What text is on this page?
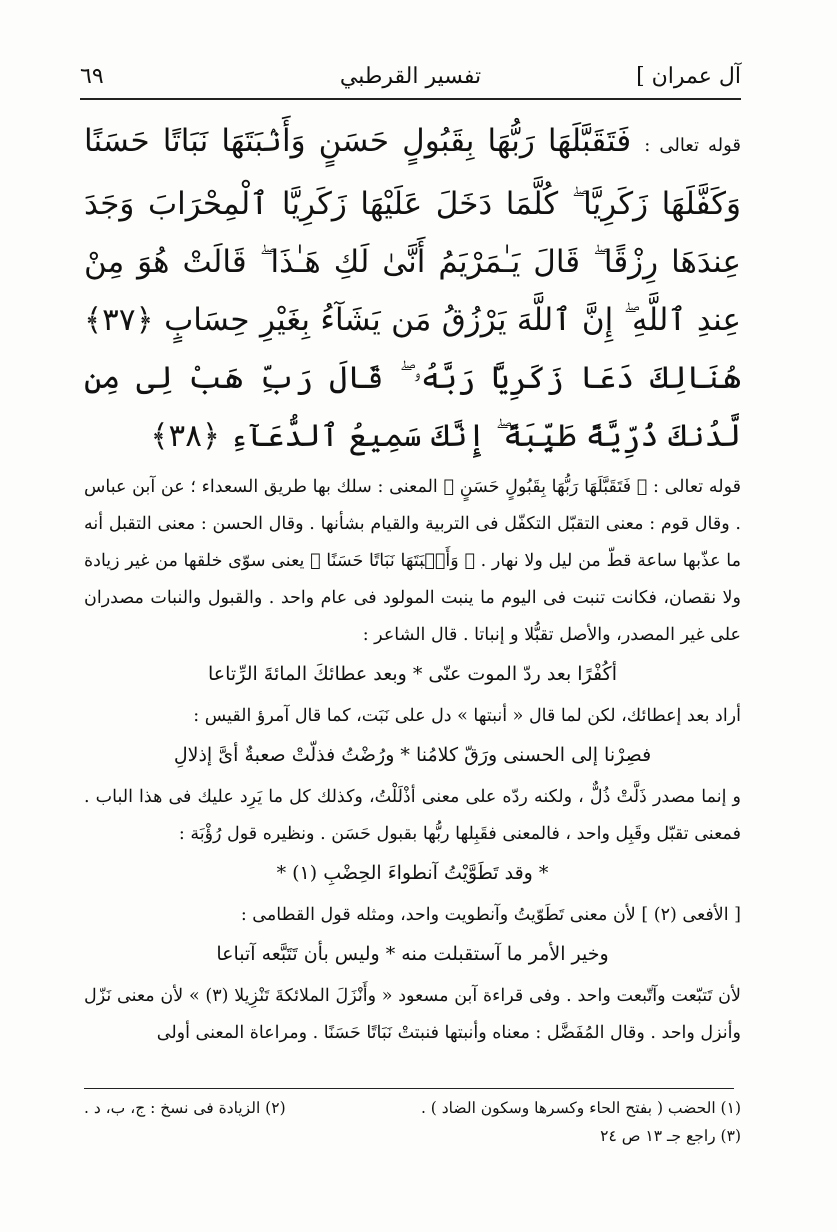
آل عمران ]
تفسير القرطبي
٦٩

قوله تعالى : فَتَقَبَّلَهَا رَبُّهَا بِقَبُولٍ حَسَنٍ وَأَنۢبَتَهَا نَبَاتًا حَسَنًا وَكَفَّلَهَا زَكَرِيَّا ۖ كُلَّمَا دَخَلَ عَلَيْهَا زَكَرِيَّا ٱلْمِحْرَابَ وَجَدَ عِندَهَا رِزْقًا ۖ قَالَ يَـٰمَرْيَمُ أَنَّىٰ لَكِ هَـٰذَا ۖ قَالَتْ هُوَ مِنْ عِندِ ٱللَّهِ ۖ إِنَّ ٱللَّهَ يَرْزُقُ مَن يَشَآءُ بِغَيْرِ حِسَابٍ ﴿٣٧﴾ هُنَالِكَ دَعَا زَكَرِيَّا رَبَّهُۥ ۖ قَالَ رَبِّ هَبْ لِى مِن لَّدُنكَ ذُرِّيَّةً طَيِّبَةً ۖ إِنَّكَ سَمِيعُ ٱلدُّعَآءِ ﴿٣٨﴾

قوله تعالى : ﴿ فَتَقَبَّلَهَا رَبُّهَا بِقَبُولٍ حَسَنٍ ﴾ المعنى : سلك بها طريق السعداء ؛ عن آبن عباس . وقال قوم : معنى التقبّل التكفّل فى التربية والقيام بشأنها . وقال الحسن : معنى التقبل أنه ما عذّبها ساعة قطّ من ليل ولا نهار . ﴿ وَأَنۢبَتَهَا نَبَاتًا حَسَنًا ﴾ يعنى سوّى خلقها من غير زيادة ولا نقصان، فكانت تنبت فى اليوم ما ينبت المولود فى عام واحد . والقبول والنبات مصدران على غير المصدر، والأصل تقبُّلا و إنباتا . قال الشاعر :

أكُفْرًا بعد ردّ الموت عنّى * وبعد عطائكَ المائةَ الرِّتاعا

أراد بعد إعطائك، لكن لما قال « أنبتها » دل على نَبَت، كما قال آمرؤ القيس :

فصِرْنا إلى الحسنى ورَقّ كلامُنا * ورُضْتُ فذلّتْ صعبةٌ أىَّ إذلالِ

و إنما مصدر ذَلَّتْ ذُلٌّ ، ولكنه ردّه على معنى أذْلَلْتُ، وكذلك كل ما يَرِد عليك فى هذا الباب . فمعنى تقبّل وقَبِل واحد ، فالمعنى فقَبِلها ربُّها بقبول حَسَن . ونظيره قول رُؤْبَة :

* وقد تَطَوَّيْتُ آنطواءَ الحِضْبِ (١) *

[ الأفعى (٢) ] لأن معنى تَطَوّيتُ وآنطويت واحد، ومثله قول القطامى :

وخير الأمر ما آستقبلت منه * وليس بأن تَتَبَّعه آتباعا

لأن تَتبّعت وآتّبعت واحد . وفى قراءة آبن مسعود « وأَنْزَلَ الملائكةَ تَنْزِيلا (٣) » لأن معنى نَزّل وأنزل واحد . وقال المُفَضَّل : معناه وأنبتها فنبتتْ نَبَاتًا حَسَنًا . ومراعاة المعنى أولى

(١) الحضب ( بفتح الحاء وكسرها وسكون الضاد ) .
(٢) الزيادة فى نسخ : ج، ب، د .
(٣) راجع جـ ١٣ ص ٢٤
